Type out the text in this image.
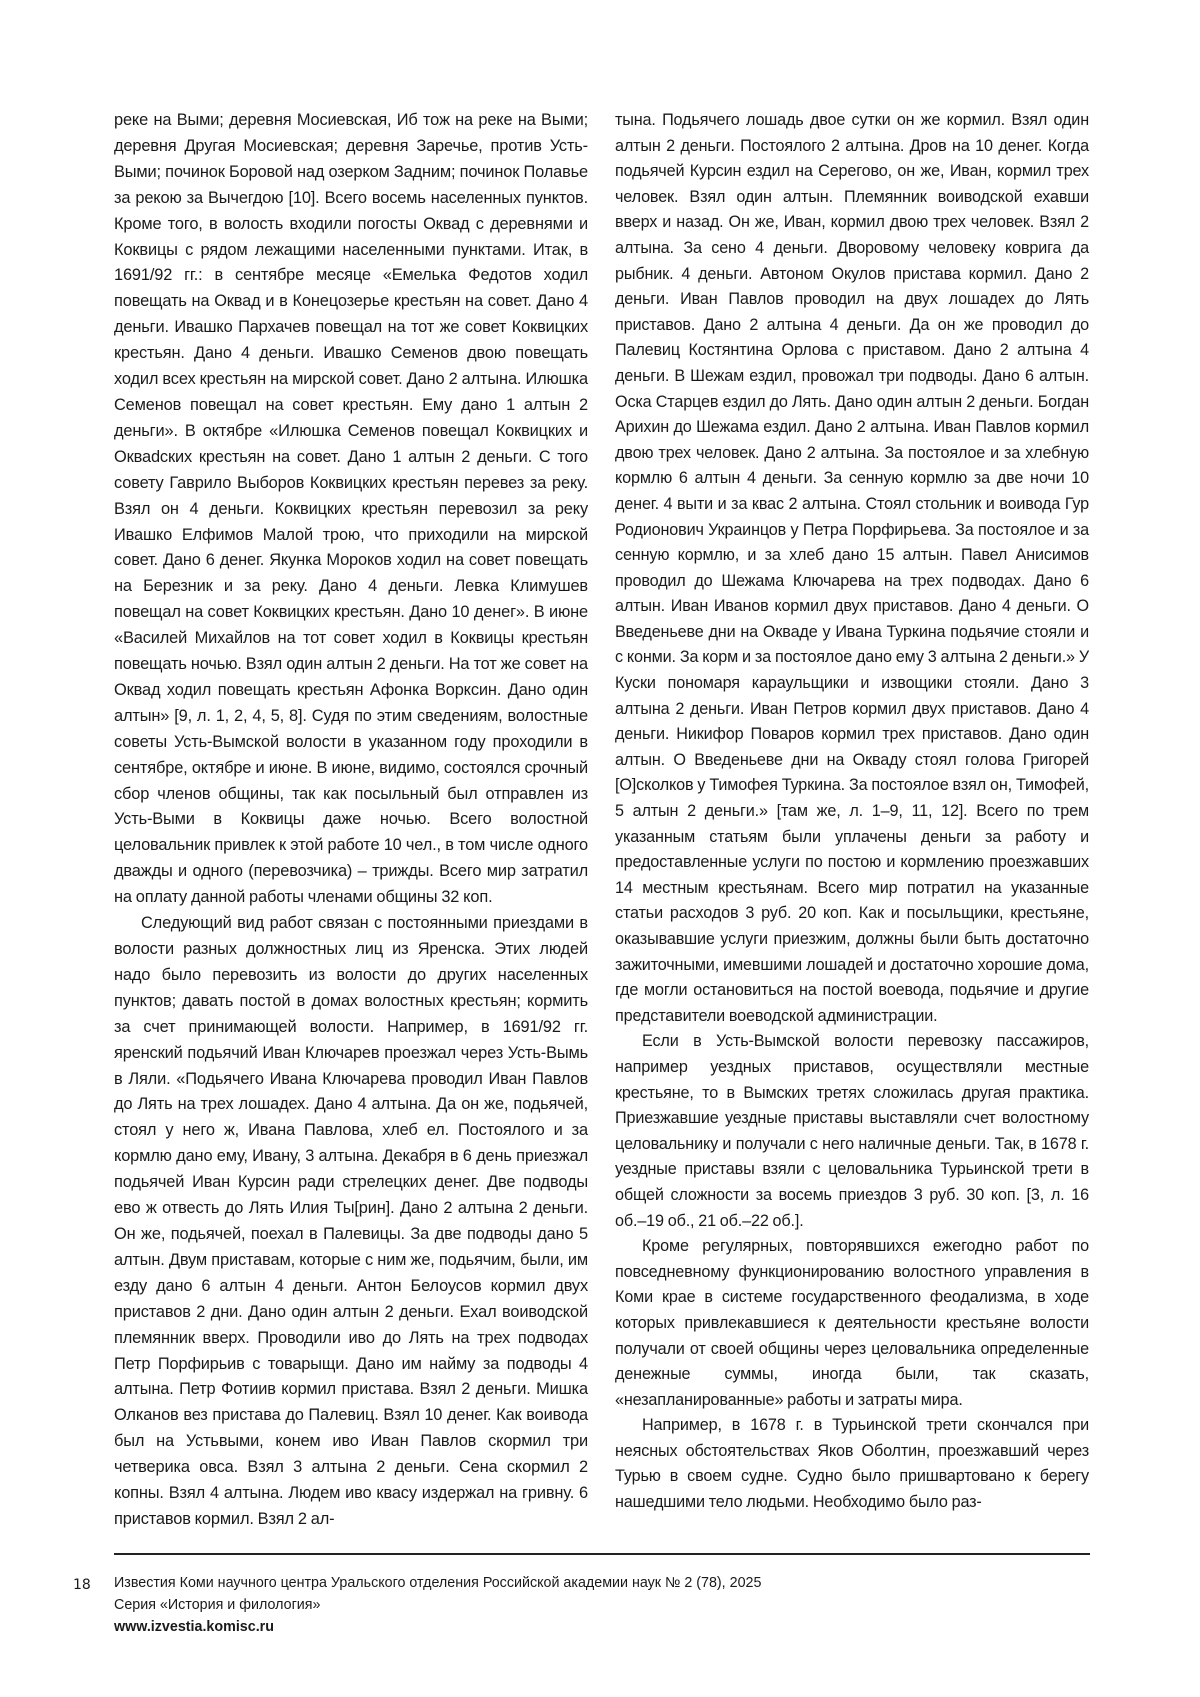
реке на Выми; деревня Мосиевская, Иб тож на реке на Выми; деревня Другая Мосиевская; деревня Заречье, против Усть-Выми; починок Боровой над озерком Задним; починок Полавье за рекою за Вычегдою [10]. Всего восемь населенных пунктов. Кроме того, в волость входили погосты Оквад с деревнями и Коквицы с рядом лежащими населенными пунктами. Итак, в 1691/92 гг.: в сентябре месяце «Емелька Федотов ходил повещать на Оквад и в Конецозерье крестьян на совет. Дано 4 деньги. Ивашко Пархачев повещал на тот же совет Коквицких крестьян. Дано 4 деньги. Ивашко Семенов двою повещать ходил всех крестьян на мирской совет. Дано 2 алтына. Илюшка Семенов повещал на совет крестьян. Ему дано 1 алтын 2 деньги». В октябре «Илюшка Семенов повещал Коквицких и Окваdских крестьян на совет. Дано 1 алтын 2 деньги. С того совету Гаврило Выборов Коквицких крестьян перевез за реку. Взял он 4 деньги. Коквицких крестьян перевозил за реку Ивашко Елфимов Малой трою, что приходили на мирской совет. Дано 6 денег. Якунка Мороков ходил на совет повещать на Березник и за реку. Дано 4 деньги. Левка Климушев повещал на совет Коквицких крестьян. Дано 10 денег». В июне «Василей Михайлов на тот совет ходил в Коквицы крестьян повещать ночью. Взял один алтын 2 деньги. На тот же совет на Оквад ходил повещать крестьян Афонка Ворксин. Дано один алтын» [9, л. 1, 2, 4, 5, 8]. Судя по этим сведениям, волостные советы Усть-Вымской волости в указанном году проходили в сентябре, октябре и июне. В июне, видимо, состоялся срочный сбор членов общины, так как посыльный был отправлен из Усть-Выми в Коквицы даже ночью. Всего волостной целовальник привлек к этой работе 10 чел., в том числе одного дважды и одного (перевозчика) – трижды. Всего мир затратил на оплату данной работы членами общины 32 коп.

Следующий вид работ связан с постоянными приездами в волости разных должностных лиц из Яренска. Этих людей надо было перевозить из волости до других населенных пунктов; давать постой в домах волостных крестьян; кормить за счет принимающей волости. Например, в 1691/92 гг. яренский подьячий Иван Ключарев проезжал через Усть-Вымь в Ляли. «Подьячего Ивана Ключарева проводил Иван Павлов до Лять на трех лошадех. Дано 4 алтына. Да он же, подьячей, стоял у него ж, Ивана Павлова, хлеб ел. Постоялого и за кормлю дано ему, Ивану, 3 алтына. Декабря в 6 день приезжал подьячей Иван Курсин ради стрелецких денег. Две подводы ево ж отвесть до Лять Илия Ты[рин]. Дано 2 алтына 2 деньги. Он же, подьячей, поехал в Палевицы. За две подводы дано 5 алтын. Двум приставам, которые с ним же, подьячим, были, им езду дано 6 алтын 4 деньги. Антон Белоусов кормил двух приставов 2 дни. Дано один алтын 2 деньги. Ехал воиводской племянник вверх. Проводили иво до Лять на трех подводах Петр Порфирьив с товарыщи. Дано им найму за подводы 4 алтына. Петр Фотиив кормил пристава. Взял 2 деньги. Мишка Олканов вез пристава до Палевиц. Взял 10 денег. Как воивода был на Устьвыми, конем иво Иван Павлов скормил три четверика овса. Взял 3 алтына 2 деньги. Сена скормил 2 копны. Взял 4 алтына. Людем иво квасу издержал на гривну. 6 приставов кормил. Взял 2 ал-

тына. Подьячего лошадь двое сутки он же кормил. Взял один алтын 2 деньги. Постоялого 2 алтына. Дров на 10 денег. Когда подьячей Курсин ездил на Серегово, он же, Иван, кормил трех человек. Взял один алтын. Племянник воиводской ехавши вверх и назад. Он же, Иван, кормил двою трех человек. Взял 2 алтына. За сено 4 деньги. Двоpовому человеку коврига да рыбник. 4 деньги. Автоном Окулов пристава кормил. Дано 2 деньги. Иван Павлов проводил на двух лошадех до Лять приставов. Дано 2 алтына 4 деньги. Да он же проводил до Палевиц Костянтина Орлова с приставом. Дано 2 алтына 4 деньги. В Шежам ездил, провожал три подводы. Дано 6 алтын. Оска Старцев ездил до Лять. Дано один алтын 2 деньги. Богдан Арихин до Шежама ездил. Дано 2 алтына. Иван Павлов кормил двою трех человек. Дано 2 алтына. За постоялое и за хлебную кормлю 6 алтын 4 деньги. За сенную кормлю за две ночи 10 денег. 4 выти и за квас 2 алтына. Стоял стольник и воивода Гур Родионович Украинцов у Петра Порфирьева. За постоялое и за сенную кормлю, и за хлеб дано 15 алтын. Павел Анисимов проводил до Шежама Ключарева на трех подводах. Дано 6 алтын. Иван Иванов кормил двух приставов. Дано 4 деньги. О Введеньеве дни на Окваде у Ивана Туркина подьячие стояли и с конми. За корм и за постоялое дано ему 3 алтына 2 деньги.» У Куски пономаря карaульщики и извощики стояли. Дано 3 алтына 2 деньги. Иван Петров кормил двух приставов. Дано 4 деньги. Никифор Поваров кормил трех приставов. Дано один алтын. О Введеньеве дни на Окваду стоял голова Григорей [О]сколков у Тимофея Туркина. За постоялое взял он, Тимофей, 5 алтын 2 деньги.» [там же, л. 1–9, 11, 12]. Всего по трем указанным статьям были уплачены деньги за работу и предоставленные услуги по постою и кормлению проезжавших 14 местным крестьянам. Всего мир потратил на указанные статьи расходов 3 руб. 20 коп. Как и посыльщики, крестьяне, оказывавшие услуги приезжим, должны были быть достаточно зажиточными, имевшими лошадей и достаточно хорошие дома, где могли остановиться на постой воевода, подьячие и другие представители воеводской администрации.

Если в Усть-Вымской волости перевозку пассажиров, например уездных приставов, осуществляли местные крестьяне, то в Вымских третях сложилась другая практика. Приезжавшие уездные приставы выставляли счет волостному целовальнику и получали с него наличные деньги. Так, в 1678 г. уездные приставы взяли с целовальника Турьинской трети в общей сложности за восемь приездов 3 руб. 30 коп. [3, л. 16 об.–19 об., 21 об.–22 об.].

Кроме регулярных, повторявшихся ежегодно работ по повседневному функционированию волостного управления в Коми крае в системе государственного феодализма, в ходе которых привлекавшиеся к деятельности крестьяне волости получали от своей общины через целовальника определенные денежные суммы, иногда были, так сказать, «незапланированные» работы и затраты мира.

Например, в 1678 г. в Турьинской трети скончался при неясных обстоятельствах Яков Оболтин, проезжавший через Турью в своем судне. Судно было пришвартовано к берегу нашедшими тело людьми. Необходимо было раз-

18 Известия Коми научного центра Уральского отделения Российской академии наук № 2 (78), 2025
Серия «История и филология»
www.izvestia.komisc.ru
